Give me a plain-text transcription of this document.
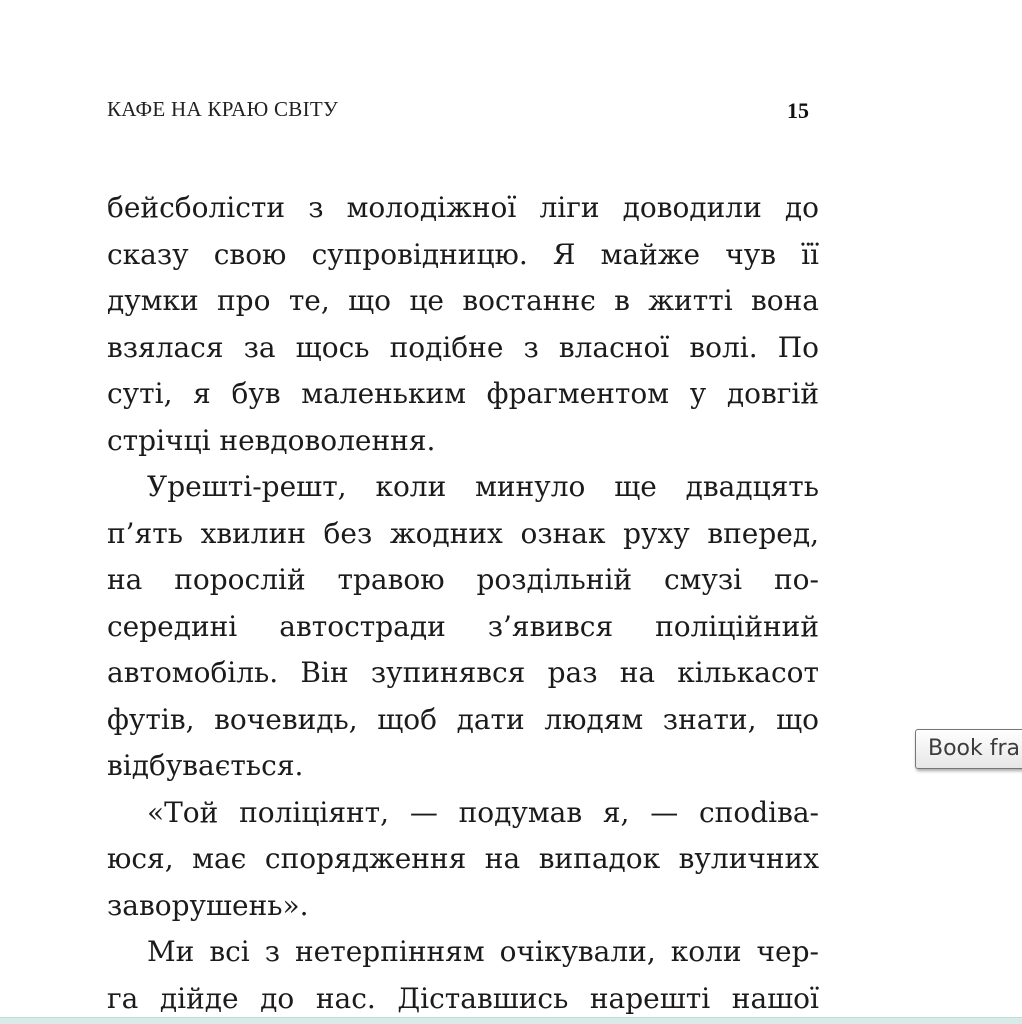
КАФЕ НА КРАЮ СВІТУ	15
бейсболісти з молодіжної ліги доводили до
сказу свою супровідницю. Я майже чув її
думки про те, що це востаннє в житті вона
взялася за щось подібне з власної волі. По
суті, я був маленьким фрагментом у довгій
стрічці невдоволення.
Урешті-решт, коли минуло ще двадцять
п’ять хвилин без жодних ознак руху вперед,
на порослій травою роздільній смузі по-
середині автостради з’явився поліційний
автомобіль. Він зупинявся раз на кількасот
футів, вочевидь, щоб дати людям знати, що
відбувається.
«Той поліціянт, — подумав я, — спodіва-
юся, має спорядження на випадок вуличних
заворушень».
Ми всі з нетерпінням очікували, коли чер-
га дійде до нас. Діставшись нарешті нашої
Book fra
